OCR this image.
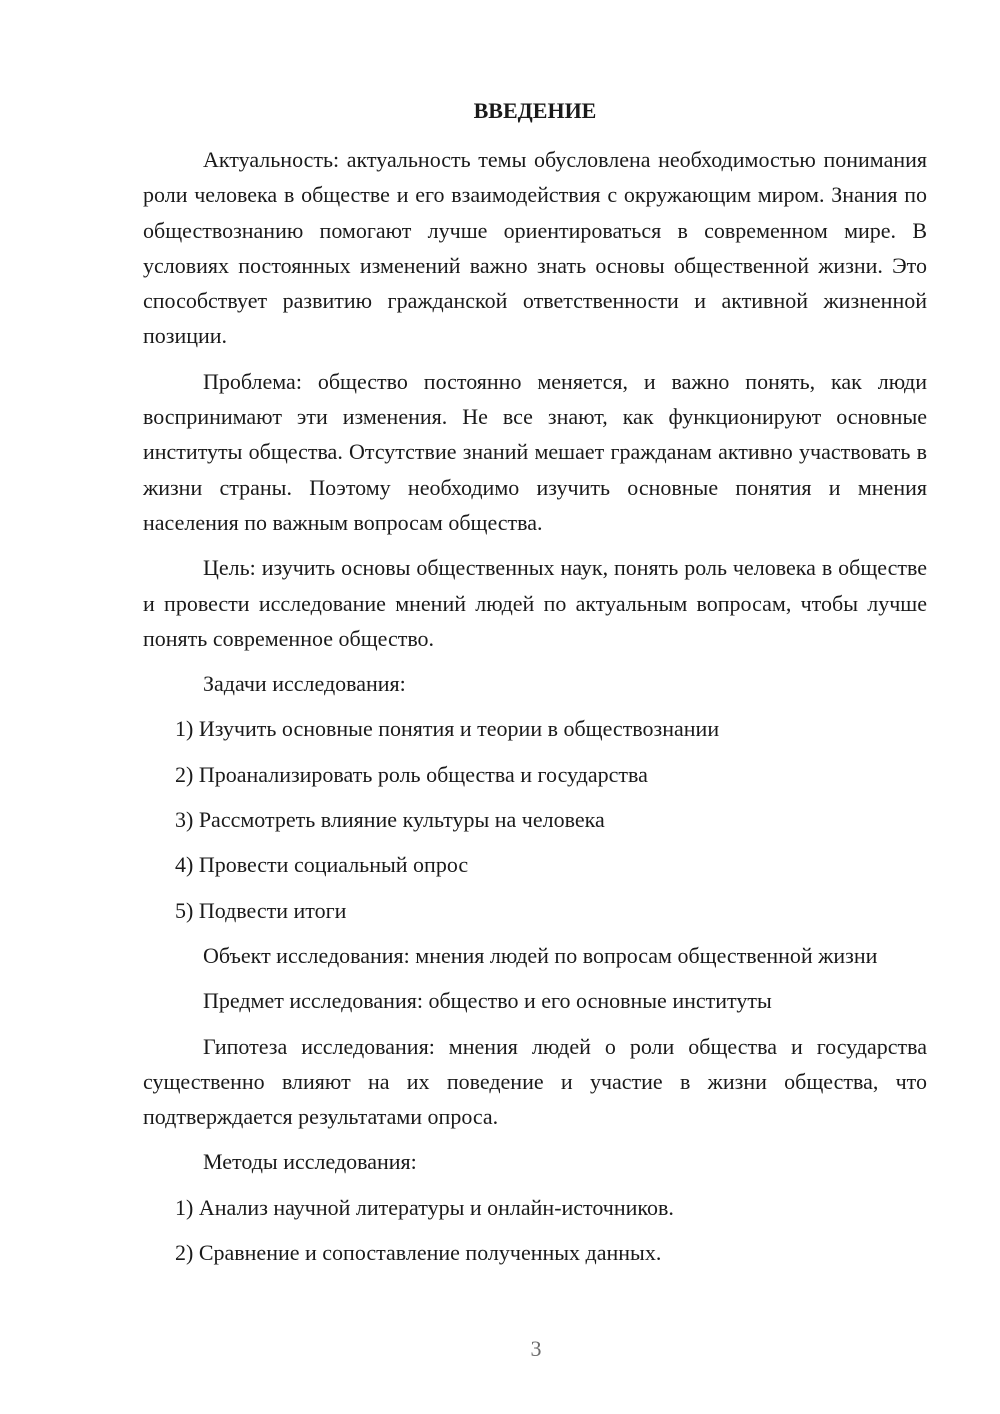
ВВЕДЕНИЕ

Актуальность: актуальность темы обусловлена необходимостью понимания роли человека в обществе и его взаимодействия с окружающим миром. Знания по обществознанию помогают лучше ориентироваться в современном мире. В условиях постоянных изменений важно знать основы общественной жизни. Это способствует развитию гражданской ответственности и активной жизненной позиции.

Проблема: общество постоянно меняется, и важно понять, как люди воспринимают эти изменения. Не все знают, как функционируют основные институты общества. Отсутствие знаний мешает гражданам активно участвовать в жизни страны. Поэтому необходимо изучить основные понятия и мнения населения по важным вопросам общества.

Цель: изучить основы общественных наук, понять роль человека в обществе и провести исследование мнений людей по актуальным вопросам, чтобы лучше понять современное общество.

Задачи исследования:

1) Изучить основные понятия и теории в обществознании

2) Проанализировать роль общества и государства

3) Рассмотреть влияние культуры на человека

4) Провести социальный опрос

5) Подвести итоги

Объект исследования: мнения людей по вопросам общественной жизни

Предмет исследования: общество и его основные институты

Гипотеза исследования: мнения людей о роли общества и государства существенно влияют на их поведение и участие в жизни общества, что подтверждается результатами опроса.

Методы исследования:

1) Анализ научной литературы и онлайн-источников.

2) Сравнение и сопоставление полученных данных.

3
